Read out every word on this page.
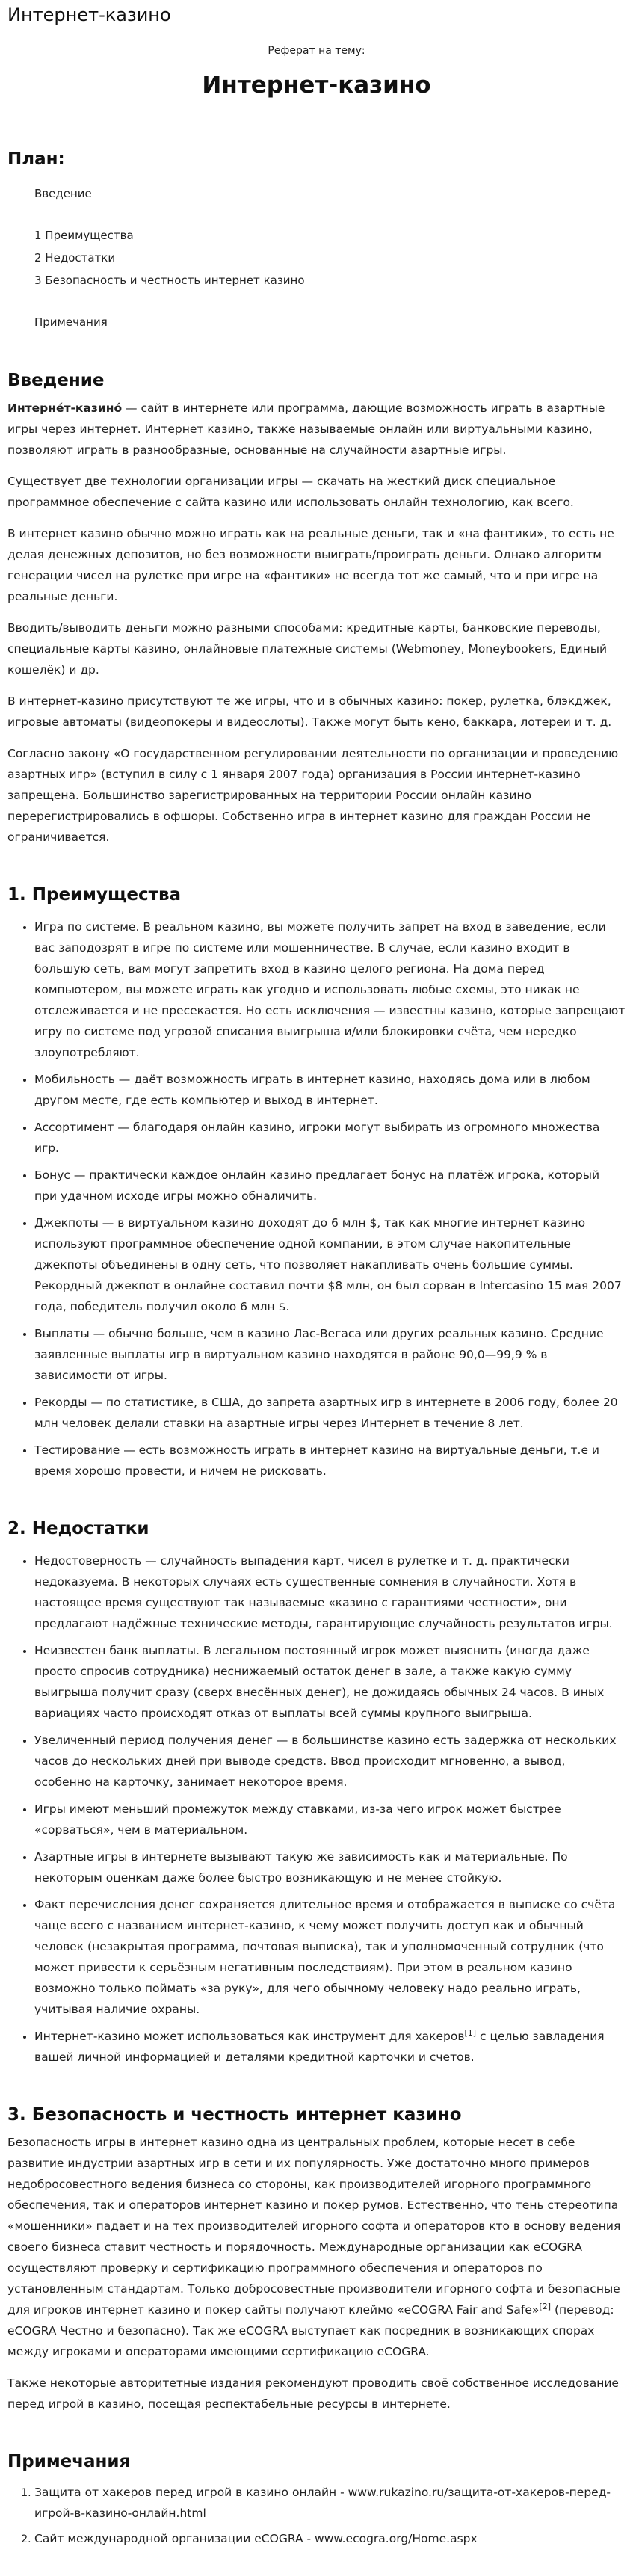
Интернет-казино
Реферат на тему:
Интернет-казино
План:
Введение
1 Преимущества
2 Недостатки
3 Безопасность и честность интернет казино
Примечания
Введение

Интерне́т-казино́ — сайт в интернете или программа, дающие возможность играть в азартные игры через интернет. Интернет казино, также называемые онлайн или виртуальными казино, позволяют играть в разнообразные, основанные на случайности азартные игры.

Существует две технологии организации игры — скачать на жесткий диск специальное программное обеспечение с сайта казино или использовать онлайн технологию, как всего.

В интернет казино обычно можно играть как на реальные деньги, так и «на фантики», то есть не делая денежных депозитов, но без возможности выиграть/проиграть деньги. Однако алгоритм генерации чисел на рулетке при игре на «фантики» не всегда тот же самый, что и при игре на реальные деньги.

Вводить/выводить деньги можно разными способами: кредитные карты, банковские переводы, специальные карты казино, онлайновые платежные системы (Webmoney, Moneybookers, Единый кошелёк) и др.

В интернет-казино присутствуют те же игры, что и в обычных казино: покер, рулетка, блэкджек, игровые автоматы (видеопокеры и видеослоты). Также могут быть кено, баккара, лотереи и т. д.

Согласно закону «О государственном регулировании деятельности по организации и проведению азартных игр» (вступил в силу с 1 января 2007 года) организация в России интернет-казино запрещена. Большинство зарегистрированных на территории России онлайн казино перерегистрировались в офшоры. Собственно игра в интернет казино для граждан России не ограничивается.

1. Преимущества
• Игра по системе. В реальном казино, вы можете получить запрет на вход в заведение, если вас заподозрят в игре по системе или мошенничестве. В случае, если казино входит в большую сеть, вам могут запретить вход в казино целого региона. На дома перед компьютером, вы можете играть как угодно и использовать любые схемы, это никак не отслеживается и не пресекается. Но есть исключения — известны казино, которые запрещают игру по системе под угрозой списания выигрыша и/или блокировки счёта, чем нередко злоупотребляют.
• Мобильность — даёт возможность играть в интернет казино, находясь дома или в любом другом месте, где есть компьютер и выход в интернет.
• Ассортимент — благодаря онлайн казино, игроки могут выбирать из огромного множества игр.
• Бонус — практически каждое онлайн казино предлагает бонус на платёж игрока, который при удачном исходе игры можно обналичить.
• Джекпоты — в виртуальном казино доходят до 6 млн $, так как многие интернет казино используют программное обеспечение одной компании, в этом случае накопительные джекпоты объединены в одну сеть, что позволяет накапливать очень большие суммы. Рекордный джекпот в онлайне составил почти $8 млн, он был сорван в Intercasino 15 мая 2007 года, победитель получил около 6 млн $.
• Выплаты — обычно больше, чем в казино Лас-Вегаса или других реальных казино. Средние заявленные выплаты игр в виртуальном казино находятся в районе 90,0—99,9 % в зависимости от игры.
• Рекорды — по статистике, в США, до запрета азартных игр в интернете в 2006 году, более 20 млн человек делали ставки на азартные игры через Интернет в течение 8 лет.
• Тестирование — есть возможность играть в интернет казино на виртуальные деньги, т.е и время хорошо провести, и ничем не рисковать.
2. Недостатки
• Недостоверность — случайность выпадения карт, чисел в рулетке и т. д. практически недоказуема. В некоторых случаях есть существенные сомнения в случайности. Хотя в настоящее время существуют так называемые «казино с гарантиями честности», они предлагают надёжные технические методы, гарантирующие случайность результатов игры.
• Неизвестен банк выплаты. В легальном постоянный игрок может выяснить (иногда даже просто спросив сотрудника) неснижаемый остаток денег в зале, а также какую сумму выигрыша получит сразу (сверх внесённых денег), не дожидаясь обычных 24 часов. В иных вариациях часто происходят отказ от выплаты всей суммы крупного выигрыша.
• Увеличенный период получения денег — в большинстве казино есть задержка от нескольких часов до нескольких дней при выводе средств. Ввод происходит мгновенно, а вывод, особенно на карточку, занимает некоторое время.
• Игры имеют меньший промежуток между ставками, из-за чего игрок может быстрее «сорваться», чем в материальном.
• Азартные игры в интернете вызывают такую же зависимость как и материальные. По некоторым оценкам даже более быстро возникающую и не менее стойкую.
• Факт перечисления денег сохраняется длительное время и отображается в выписке со счёта чаще всего с названием интернет-казино, к чему может получить доступ как и обычный человек (незакрытая программа, почтовая выписка), так и уполномоченный сотрудник (что может привести к серьёзным негативным последствиям). При этом в реальном казино возможно только поймать «за руку», для чего обычному человеку надо реально играть, учитывая наличие охраны.
• Интернет-казино может использоваться как инструмент для хакеров[1] с целью завладения вашей личной информацией и деталями кредитной карточки и счетов.
3. Безопасность и честность интернет казино

Безопасность игры в интернет казино одна из центральных проблем, которые несет в себе развитие индустрии азартных игр в сети и их популярность. Уже достаточно много примеров недобросовестного ведения бизнеса со стороны, как производителей игорного программного обеспечения, так и операторов интернет казино и покер румов. Естественно, что тень стереотипа «мошенники» падает и на тех производителей игорного софта и операторов кто в основу ведения своего бизнеса ставит честность и порядочность. Международные организации как eCOGRA осуществляют проверку и сертификацию программного обеспечения и операторов по установленным стандартам. Только добросовестные производители игорного софта и безопасные для игроков интернет казино и покер сайты получают клеймо «eCOGRA Fair and Safe»[2] (перевод: eCOGRA Честно и безопасно). Так же eCOGRA выступает как посредник в возникающих спорах между игроками и операторами имеющими сертификацию eCOGRA.

Также некоторые авторитетные издания рекомендуют проводить своё собственное исследование перед игрой в казино, посещая респектабельные ресурсы в интернете.

Примечания
1. Защита от хакеров перед игрой в казино онлайн - www.rukazino.ru/защита-от-хакеров-перед-игрой-в-казино-онлайн.html
2. Сайт международной организации eCOGRA - www.ecogra.org/Home.aspx
